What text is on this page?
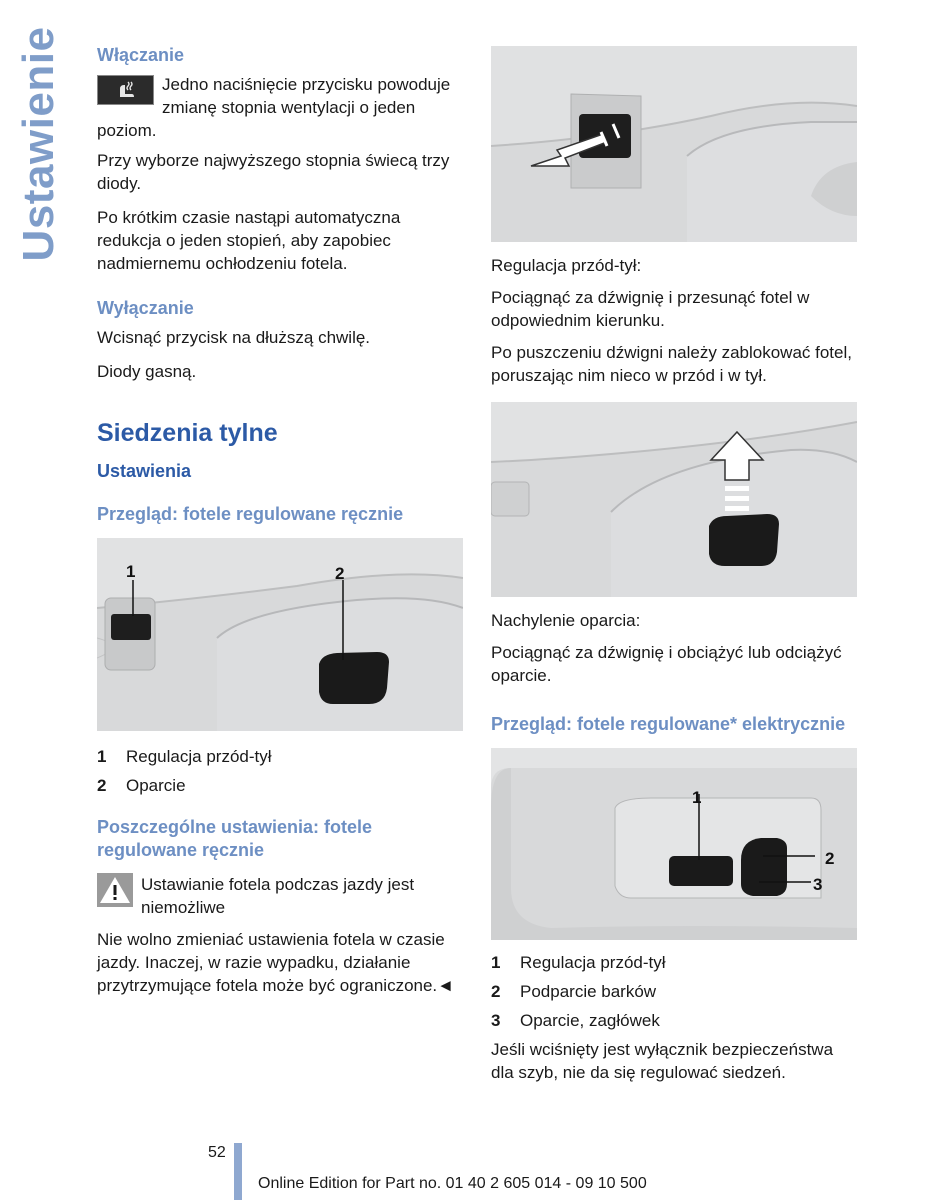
Ustawienie Włączanie

Jedno naciśnięcie przycisku powoduje zmianę stopnia wentylacji o jeden poziom.

Przy wyborze najwyższego stopnia świecą trzy diody.

Po krótkim czasie nastąpi automatyczna redukcja o jeden stopień, aby zapobiec nadmiernemu ochłodzeniu fotela.

Wyłączanie

Wcisnąć przycisk na dłuższą chwilę.

Diody gasną.

Siedzenia tylne
Ustawienia
Przegląd: fotele regulowane ręcznie
1	2
1	Regulacja przód-tył
2	Oparcie
Poszczególne ustawienia: fotele regulowane ręcznie

Ustawianie fotela podczas jazdy jest niemożliwe

Nie wolno zmieniać ustawienia fotela w czasie jazdy. Inaczej, w razie wypadku, działanie przytrzymujące fotela może być ograniczone.◄

Regulacja przód-tył:

Pociągnąć za dźwignię i przesunąć fotel w odpowiednim kierunku.

Po puszczeniu dźwigni należy zablokować fotel, poruszając nim nieco w przód i w tył.

Nachylenie oparcia:

Pociągnąć za dźwignię i obciążyć lub odciążyć oparcie.

Przegląd: fotele regulowane* elektrycznie
1
2
3
1	Regulacja przód-tył
2	Podparcie barków
3	Oparcie, zagłówek

Jeśli wciśnięty jest wyłącznik bezpieczeństwa dla szyb, nie da się regulować siedzeń.

52
Online Edition for Part no. 01 40 2 605 014 - 09 10 500
